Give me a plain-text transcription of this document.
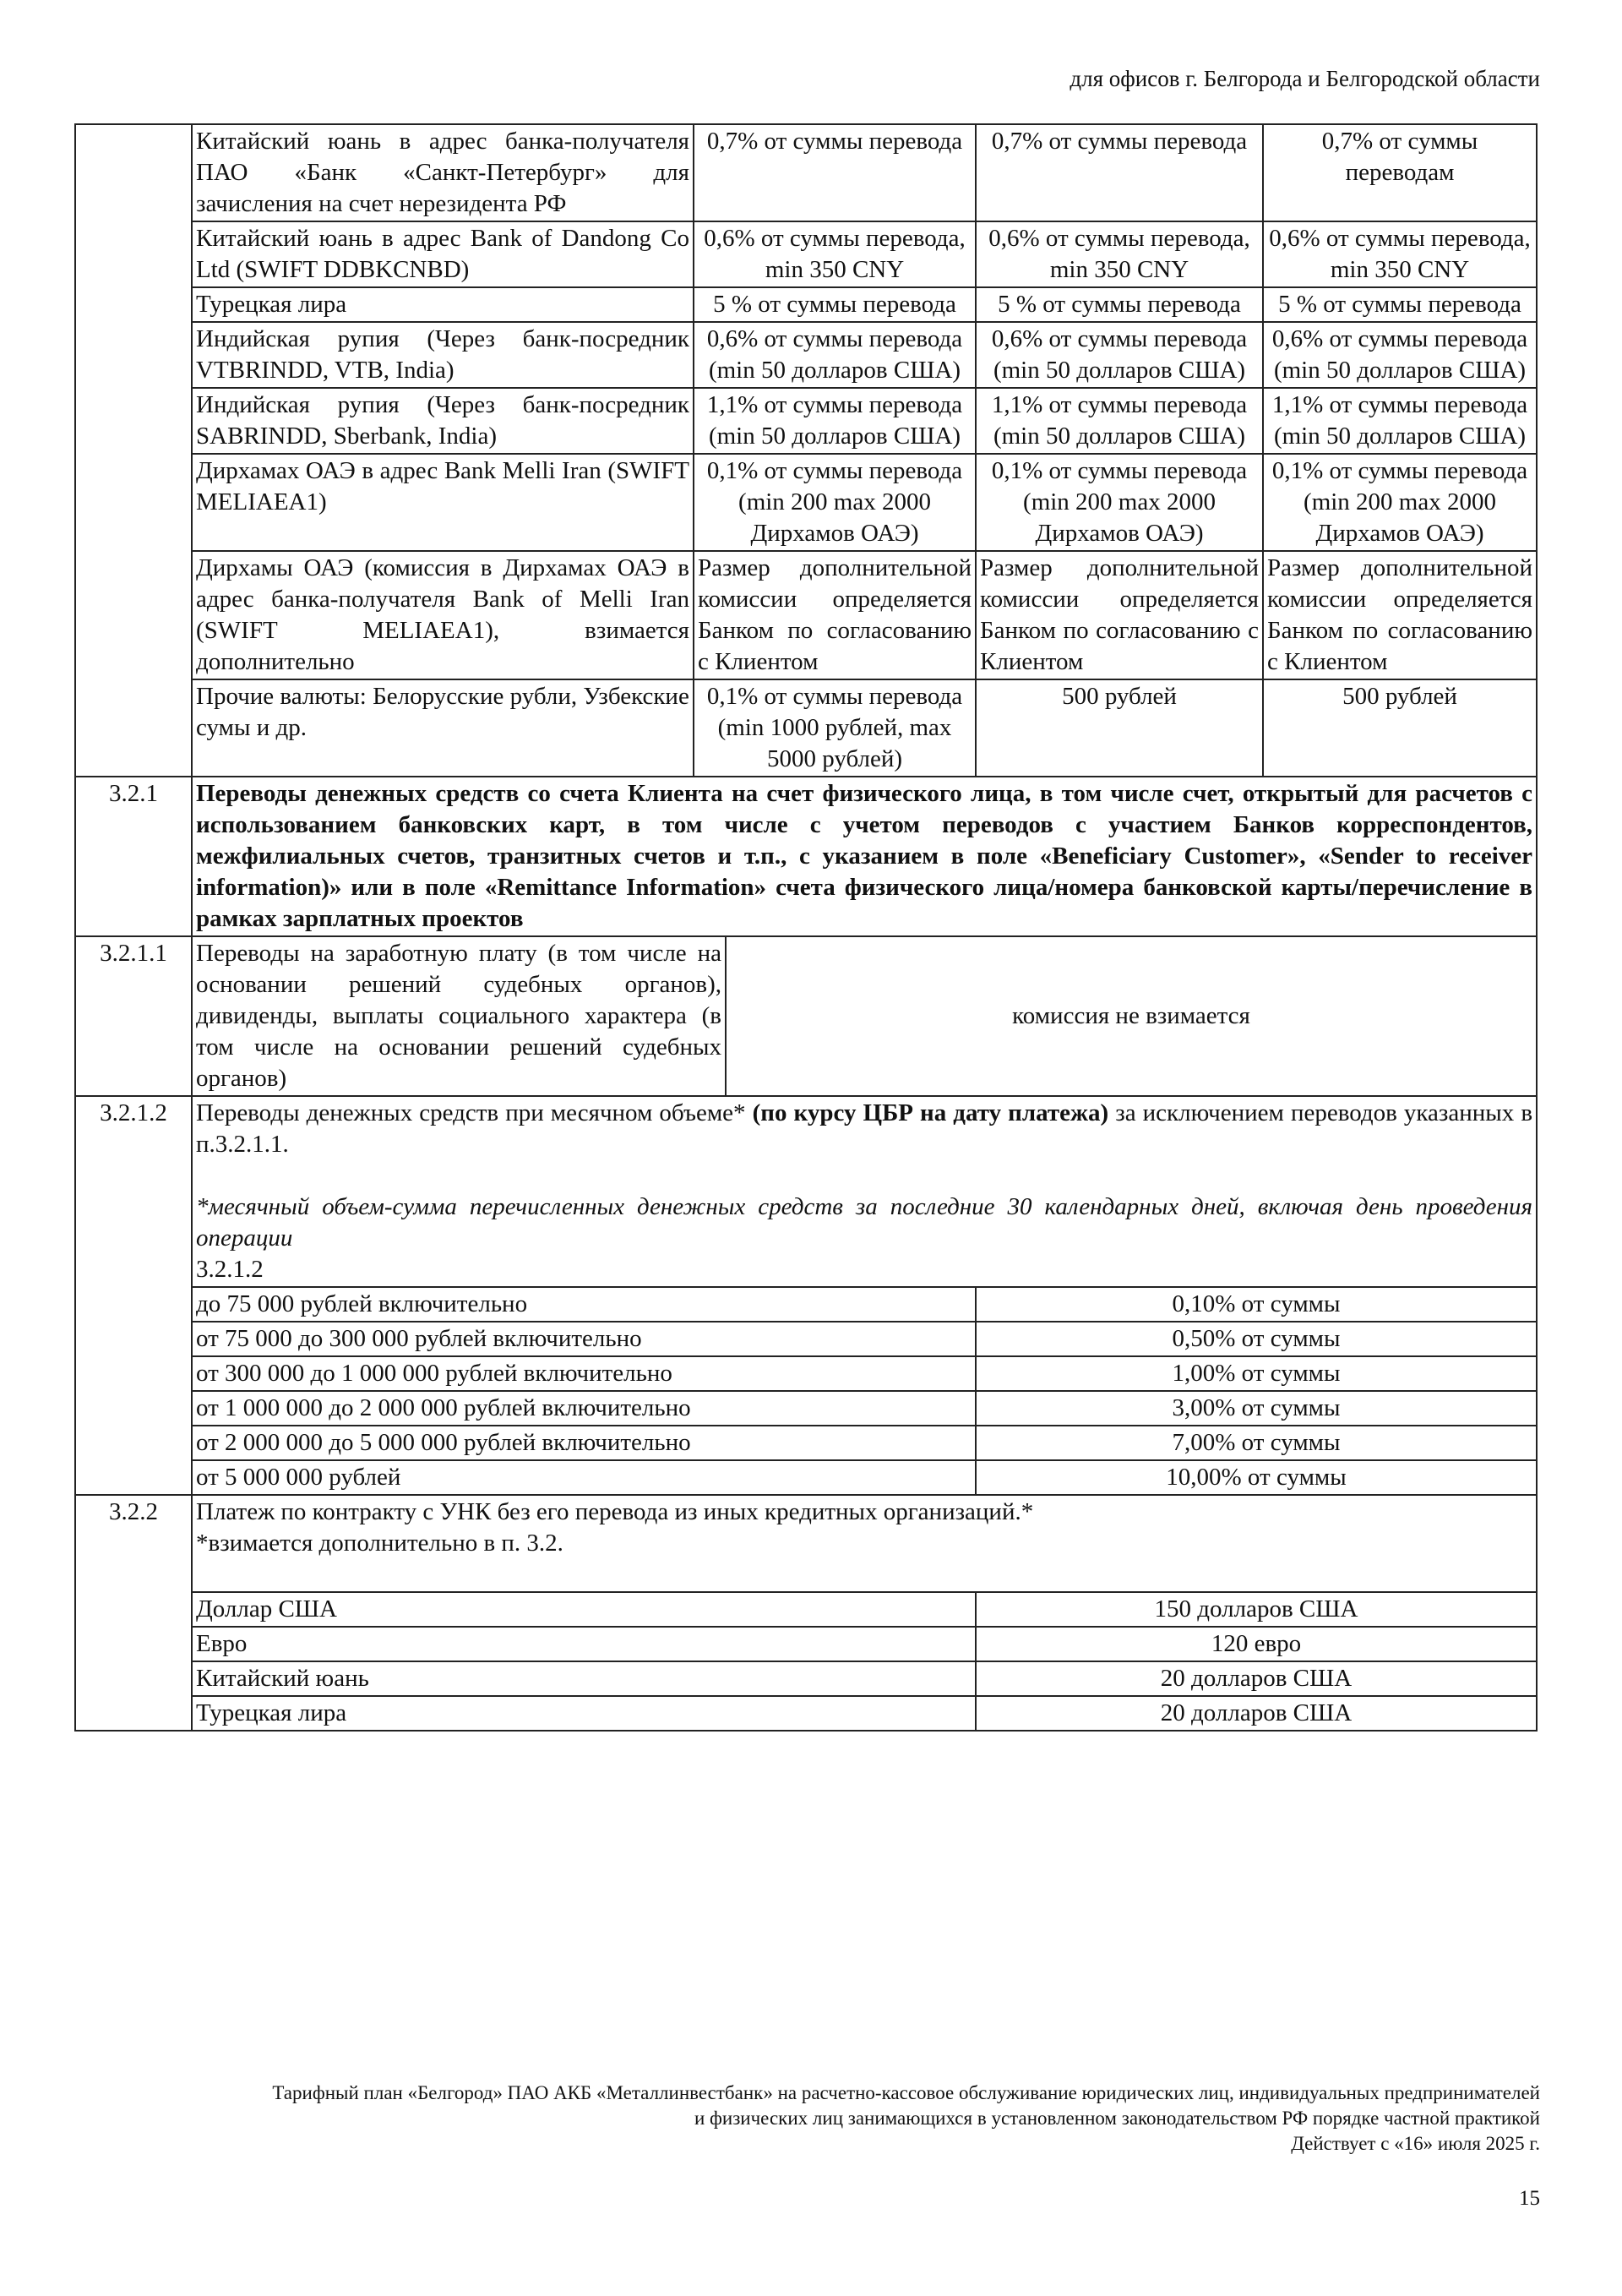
для офисов г. Белгорода и Белгородской области
	Китайский юань в адрес банка-получателя ПАО «Банк «Санкт-Петербург» для зачисления на счет нерезидента РФ	0,7% от суммы перевода		0,7% от суммы перевода	0,7% от суммы переводам
	Китайский юань в адрес Bank of Dandong Co Ltd (SWIFT DDBKCNBD)	0,6% от суммы перевода, min 350 CNY		0,6% от суммы перевода, min 350 CNY	0,6% от суммы перевода, min 350 CNY
	Турецкая лира	5 % от суммы перевода		5 % от суммы перевода	5 % от суммы перевода
	Индийская рупия (Через банк-посредник VTBRINDD, VTB, India)	0,6% от суммы перевода (min 50 долларов США)		0,6% от суммы перевода (min 50 долларов США)	0,6% от суммы перевода (min 50 долларов США)
	Индийская рупия (Через банк-посредник SABRINDD, Sberbank, India)	1,1% от суммы перевода (min 50 долларов США)		1,1% от суммы перевода (min 50 долларов США)	1,1% от суммы перевода (min 50 долларов США)
	Дирхамах ОАЭ в адрес Bank Melli Iran (SWIFT MELIAEA1)	0,1% от суммы перевода (min 200 max 2000 Дирхамов ОАЭ)		0,1% от суммы перевода (min 200 max 2000 Дирхамов ОАЭ)	0,1% от суммы перевода (min 200 max 2000 Дирхамов ОАЭ)
	Дирхамы ОАЭ (комиссия в Дирхамах ОАЭ в адрес банка-получателя Bank of Melli Iran (SWIFT MELIAEA1), взимается дополнительно	Размер дополнительной комиссии определяется Банком по согласованию с Клиентом		Размер дополнительной комиссии определяется Банком по согласованию с Клиентом	Размер дополнительной комиссии определяется Банком по согласованию с Клиентом
	Прочие валюты: Белорусские рубли, Узбекские сумы и др.	0,1% от суммы перевода (min 1000 рублей, max 5000 рублей)		500 рублей	500 рублей
3.2.1	Переводы денежных средств со счета Клиента на счет физического лица, в том числе счет, открытый для расчетов с использованием банковских карт, в том числе с учетом переводов с участием Банков корреспондентов, межфилиальных счетов, транзитных счетов и т.п., с указанием в поле «Beneficiary Customer», «Sender to receiver information)» или в поле «Remittance Information» счета физического лица/номера банковской карты/перечисление в рамках зарплатных проектов				
3.2.1.1	Переводы на заработную плату (в том числе на основании решений судебных органов), дивиденды, выплаты социального характера (в том числе на основании решений судебных органов)		комиссия не взимается		
3.2.1.2	Переводы денежных средств при месячном объеме* (по курсу ЦБР на дату платежа) за исключением переводов указанных в п.3.2.1.1.
*месячный объем-сумма перечисленных денежных средств за последние 30 календарных дней, включая день проведения операции
3.2.1.2				

	до 75 000 рублей включительно			0,10% от суммы	
	от 75 000 до 300 000 рублей включительно			0,50% от суммы	
	от 300 000 до 1 000 000 рублей включительно			1,00% от суммы	
	от 1 000 000 до 2 000 000 рублей включительно			3,00% от суммы	
	от 2 000 000 до 5 000 000 рублей включительно			7,00% от суммы	
	от 5 000 000 рублей			10,00% от суммы	
3.2.2	Платеж по контракту с УНК без его перевода из иных кредитных организаций.*
*взимается дополнительно в п. 3.2.				

	Доллар США			150 долларов США	
	Евро			120 евро	
	Китайский юань			20 долларов США	
	Турецкая лира			20 долларов США	
Тарифный план «Белгород» ПАО АКБ «Металлинвестбанк» на расчетно-кассовое обслуживание юридических лиц, индивидуальных предпринимателей
и физических лиц занимающихся в установленном законодательством РФ порядке частной практикой
Действует с «16» июля 2025 г.
15
